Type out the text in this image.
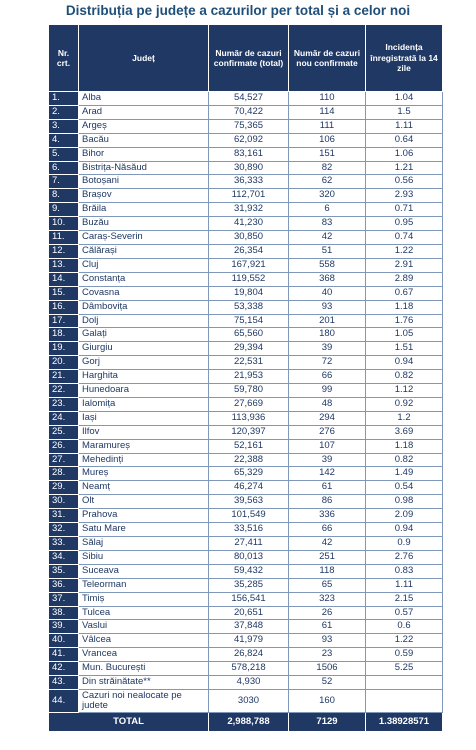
Distribuția pe județe a cazurilor per total și a celor noi
Nr. crt.	Județ	Număr de cazuri confirmate (total)	Număr de cazuri nou confirmate	Incidența înregistrată la 14 zile
1.	Alba	54,527	110	1.04
2.	Arad	70,422	114	1.5
3.	Argeș	75,365	111	1.11
4.	Bacău	62,092	106	0.64
5.	Bihor	83,161	151	1.06
6.	Bistrița-Năsăud	30,890	82	1.21
7.	Botoșani	36,333	62	0.56
8.	Brașov	112,701	320	2.93
9.	Brăila	31,932	6	0.71
10.	Buzău	41,230	83	0.95
11.	Caraș-Severin	30,850	42	0.74
12.	Călărași	26,354	51	1.22
13.	Cluj	167,921	558	2.91
14.	Constanța	119,552	368	2.89
15.	Covasna	19,804	40	0.67
16.	Dâmbovița	53,338	93	1.18
17.	Dolj	75,154	201	1.76
18.	Galați	65,560	180	1.05
19.	Giurgiu	29,394	39	1.51
20.	Gorj	22,531	72	0.94
21.	Harghita	21,953	66	0.82
22.	Hunedoara	59,780	99	1.12
23.	Ialomița	27,669	48	0.92
24.	Iași	113,936	294	1.2
25.	Ilfov	120,397	276	3.69
26.	Maramureș	52,161	107	1.18
27.	Mehedinți	22,388	39	0.82
28.	Mureș	65,329	142	1.49
29.	Neamț	46,274	61	0.54
30.	Olt	39,563	86	0.98
31.	Prahova	101,549	336	2.09
32.	Satu Mare	33,516	66	0.94
33.	Sălaj	27,411	42	0.9
34.	Sibiu	80,013	251	2.76
35.	Suceava	59,432	118	0.83
36.	Teleorman	35,285	65	1.11
37.	Timiș	156,541	323	2.15
38.	Tulcea	20,651	26	0.57
39.	Vaslui	37,848	61	0.6
40.	Vâlcea	41,979	93	1.22
41.	Vrancea	26,824	23	0.59
42.	Mun. București	578,218	1506	5.25
43.	Din străinătate**	4,930	52	
44.	Cazuri noi nealocate pe judete	3030	160	
TOTAL		2,988,788	7129	1.38928571
